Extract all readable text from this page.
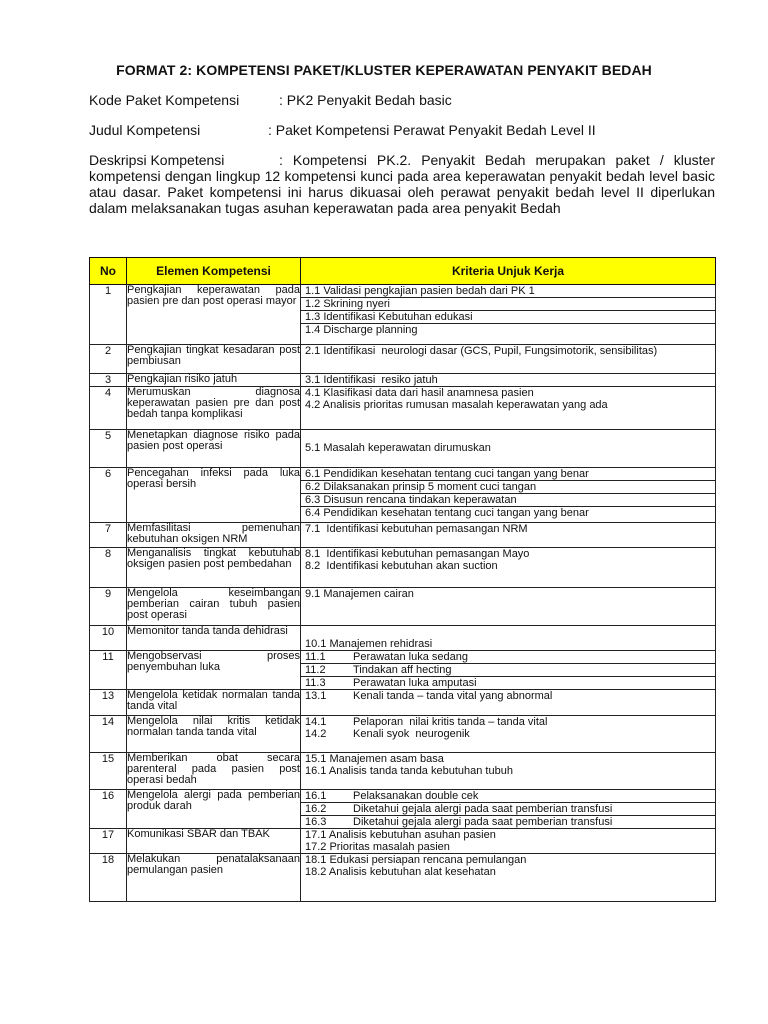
FORMAT 2: KOMPETENSI PAKET/KLUSTER KEPERAWATAN PENYAKIT BEDAH
Kode Paket Kompetensi	: PK2 Penyakit Bedah basic
Judul Kompetensi	: Paket Kompetensi Perawat Penyakit Bedah Level II
Deskripsi Kompetensi	: Kompetensi PK.2. Penyakit Bedah merupakan paket / kluster kompetensi dengan lingkup 12 kompetensi kunci pada area keperawatan penyakit bedah level basic atau dasar. Paket kompetensi ini harus dikuasai oleh perawat penyakit bedah level II diperlukan dalam melaksanakan tugas asuhan keperawatan pada area penyakit Bedah
No	Elemen Kompetensi	Kriteria Unjuk Kerja
1	Pengkajian keperawatan pada pasien pre dan post operasi mayor	1.1 Validasi pengkajian pasien bedah dari PK 1
1.2 Skrining nyeri
1.3 Identifikasi Kebutuhan edukasi
1.4 Discharge planning

2	Pengkajian tingkat kesadaran post pembiusan	2.1 Identifikasi  neurologi dasar (GCS, Pupil, Fungsimotorik, sensibilitas)

3	Pengkajian risiko jatuh	3.1 Identifikasi  resiko jatuh

4	Merumuskan diagnosa keperawatan pasien pre dan post bedah tanpa komplikasi	4.1 Klasifikasi data dari hasil anamnesa pasien
4.2 Analisis prioritas rumusan masalah keperawatan yang ada

5	Menetapkan diagnose risiko pada pasien post operasi	5.1 Masalah keperawatan dirumuskan

6	Pencegahan infeksi pada luka operasi bersih	6.1 Pendidikan kesehatan tentang cuci tangan yang benar
6.2 Dilaksanakan prinsip 5 moment cuci tangan
6.3 Disusun rencana tindakan keperawatan
6.4 Pendidikan kesehatan tentang cuci tangan yang benar

7	Memfasilitasi pemenuhan kebutuhan oksigen NRM	7.1  Identifikasi kebutuhan pemasangan NRM

8	Menganalisis tingkat kebutuhab oksigen pasien post pembedahan	8.1  Identifikasi kebutuhan pemasangan Mayo
8.2  Identifikasi kebutuhan akan suction

9	Mengelola keseimbangan pemberian cairan tubuh pasien post operasi	9.1 Manajemen cairan

10	Memonitor tanda tanda dehidrasi	10.1 Manajemen rehidrasi

11	Mengobservasi proses penyembuhan luka	11.1 Perawatan luka sedang
11.2 Tindakan aff hecting
11.3 Perawatan luka amputasi

13	Mengelola ketidak normalan tanda tanda vital	13.1 Kenali tanda – tanda vital yang abnormal

14	Mengelola nilai kritis ketidak normalan tanda tanda vital	14.1 Pelaporan  nilai kritis tanda – tanda vital
14.2 Kenali syok  neurogenik

15	Memberikan obat secara parenteral pada pasien post operasi bedah	15.1 Manajemen asam basa
16.1 Analisis tanda tanda kebutuhan tubuh

16	Mengelola alergi pada pemberian produk darah	16.1 Pelaksanakan double cek
16.2 Diketahui gejala alergi pada saat pemberian transfusi
16.3 Diketahui gejala alergi pada saat pemberian transfusi

17	Komunikasi SBAR dan TBAK	17.1 Analisis kebutuhan asuhan pasien
17.2 Prioritas masalah pasien

18	Melakukan penatalaksanaan pemulangan pasien	18.1 Edukasi persiapan rencana pemulangan
18.2 Analisis kebutuhan alat kesehatan
